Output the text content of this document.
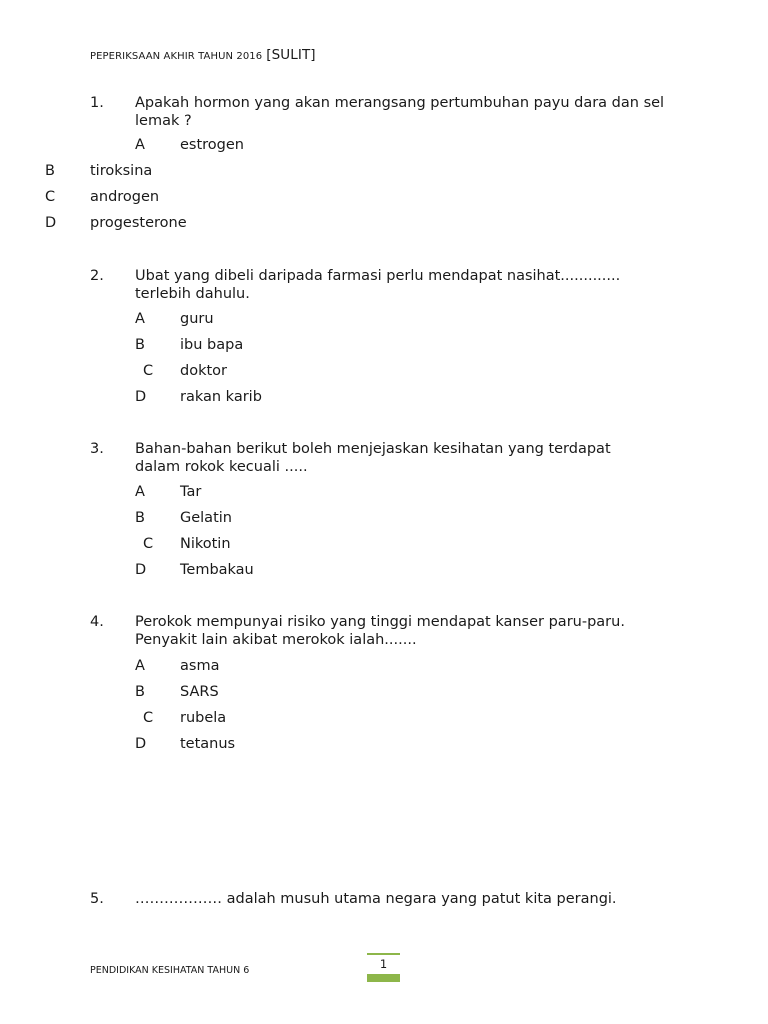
PEPERIKSAAN AKHIR TAHUN 2016 [SULIT]
1. Apakah hormon yang akan merangsang pertumbuhan payu dara dan sel lemak ?
A estrogen
B tiroksina
C androgen
D progesterone
2. Ubat yang dibeli daripada farmasi perlu mendapat nasihat............. terlebih dahulu.
A guru
B ibu bapa
C doktor
D rakan karib
3. Bahan-bahan berikut boleh menjejaskan kesihatan yang terdapat dalam rokok kecuali .....
A Tar
B Gelatin
C Nikotin
D Tembakau
4. Perokok mempunyai risiko yang tinggi mendapat kanser paru-paru. Penyakit lain akibat merokok ialah.......
A asma
B SARS
C rubela
D tetanus
5. ……………… adalah musuh utama negara yang patut kita perangi.
PENDIDIKAN KESIHATAN TAHUN 6	1
